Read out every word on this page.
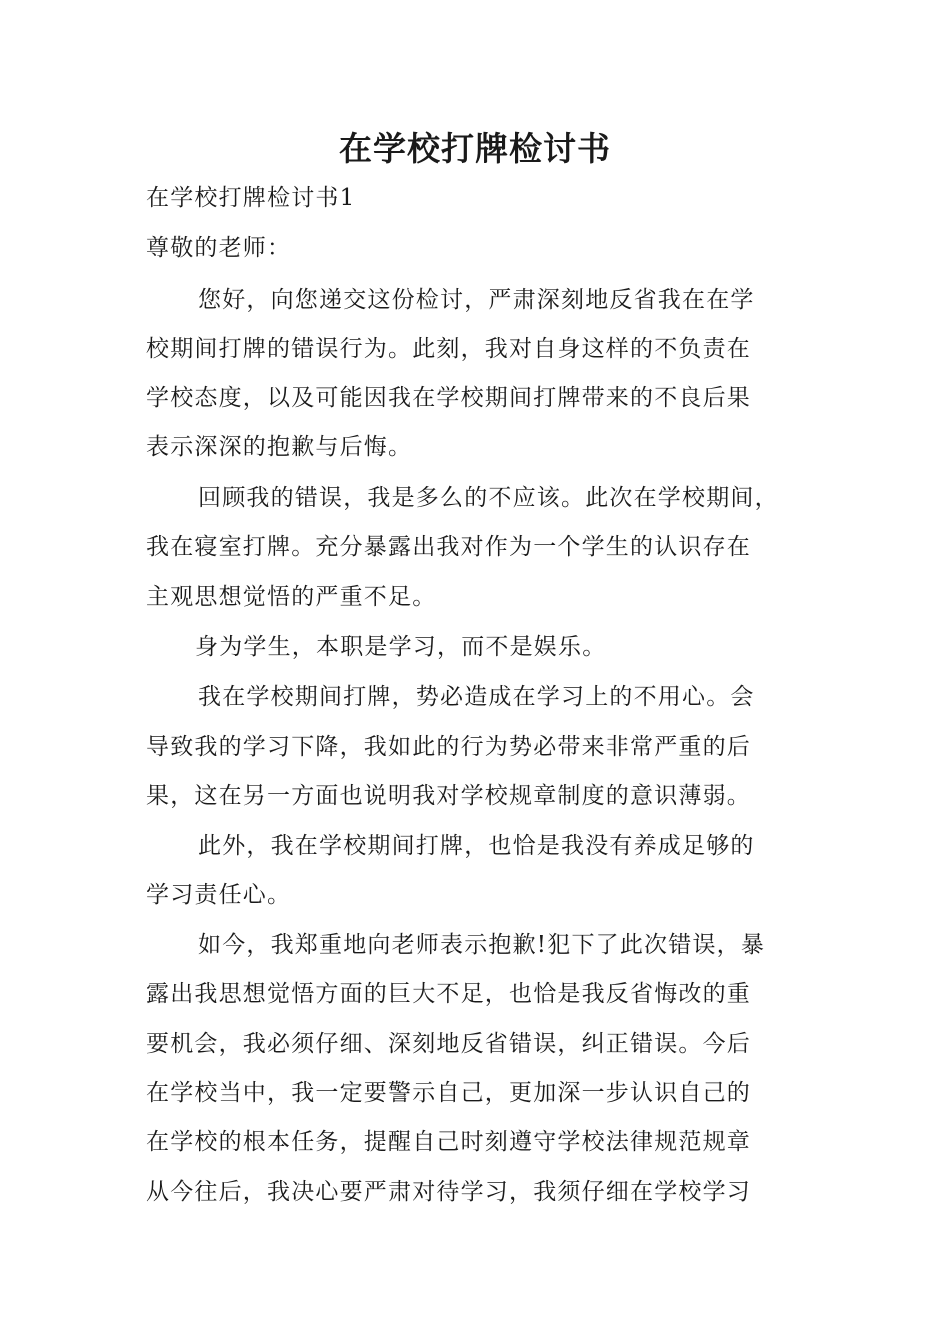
在学校打牌检讨书
在学校打牌检讨书1
尊敬的老师：
您好，向您递交这份检讨，严肃深刻地反省我在在学
校期间打牌的错误行为。此刻，我对自身这样的不负责在
学校态度，以及可能因我在学校期间打牌带来的不良后果
表示深深的抱歉与后悔。
回顾我的错误，我是多么的不应该。此次在学校期间，
我在寝室打牌。充分暴露出我对作为一个学生的认识存在
主观思想觉悟的严重不足。
身为学生，本职是学习，而不是娱乐。
我在学校期间打牌，势必造成在学习上的不用心。会
导致我的学习下降，我如此的行为势必带来非常严重的后
果，这在另一方面也说明我对学校规章制度的意识薄弱。
此外，我在学校期间打牌，也恰是我没有养成足够的
学习责任心。
如今，我郑重地向老师表示抱歉!犯下了此次错误，暴
露出我思想觉悟方面的巨大不足，也恰是我反省悔改的重
要机会，我必须仔细、深刻地反省错误，纠正错误。今后
在学校当中，我一定要警示自己，更加深一步认识自己的
在学校的根本任务，提醒自己时刻遵守学校法律规范规章
从今往后，我决心要严肃对待学习，我须仔细在学校学习
